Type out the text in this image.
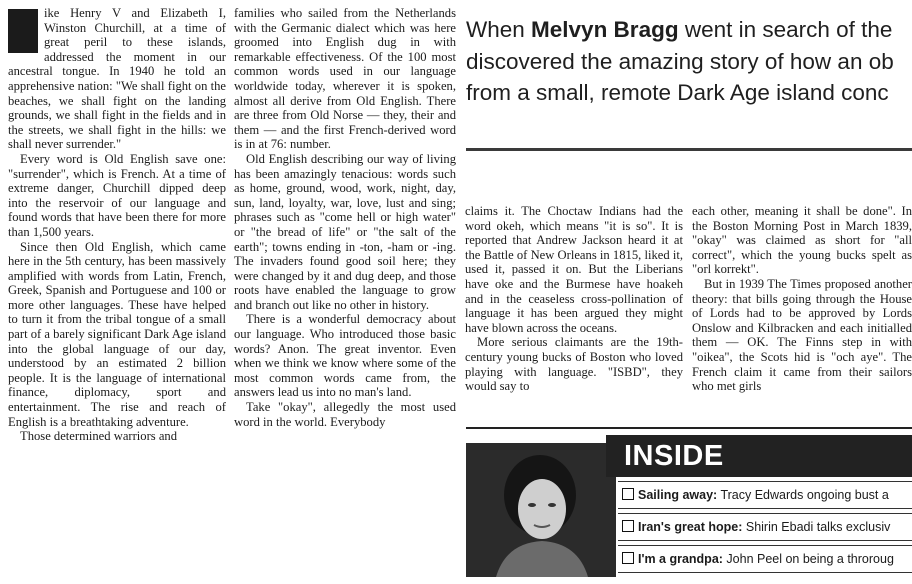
ike Henry V and Elizabeth I, Winston Churchill, at a time of great peril to these islands, addressed the moment in our ancestral tongue. In 1940 he told an apprehensive nation: "We shall fight on the beaches, we shall fight on the landing grounds, we shall fight in the fields and in the streets, we shall fight in the hills: we shall never surrender."

Every word is Old English save one: "surrender", which is French. At a time of extreme danger, Churchill dipped deep into the reservoir of our language and found words that have been there for more than 1,500 years.

Since then Old English, which came here in the 5th century, has been massively amplified with words from Latin, French, Greek, Spanish and Portuguese and 100 or more other languages. These have helped to turn it from the tribal tongue of a small part of a barely significant Dark Age island into the global language of our day, understood by an estimated 2 billion people. It is the language of international finance, diplomacy, sport and entertainment. The rise and reach of English is a breathtaking adventure.

Those determined warriors and

families who sailed from the Netherlands with the Germanic dialect which was here groomed into English dug in with remarkable effectiveness. Of the 100 most common words used in our language worldwide today, wherever it is spoken, almost all derive from Old English. There are three from Old Norse — they, their and them — and the first French-derived word is in at 76: number.

Old English describing our way of living has been amazingly tenacious: words such as home, ground, wood, work, night, day, sun, land, loyalty, war, love, lust and sing; phrases such as "come hell or high water" or "the bread of life" or "the salt of the earth"; towns ending in -ton, -ham or -ing. The invaders found good soil here; they were changed by it and dug deep, and those roots have enabled the language to grow and branch out like no other in history.

There is a wonderful democracy about our language. Who introduced those basic words? Anon. The great inventor. Even when we think we know where some of the most common words came from, the answers lead us into no man's land.

Take "okay", allegedly the most used word in the world. Everybody

When Melvyn Bragg went in search of the

discovered the amazing story of how an ob

from a small, remote Dark Age island conc

claims it. The Choctaw Indians had the word okeh, which means "it is so". It is reported that Andrew Jackson heard it at the Battle of New Orleans in 1815, liked it, used it, passed it on. But the Liberians have oke and the Burmese have hoakeh and in the ceaseless cross-pollination of language it has been argued they might have blown across the oceans.

More serious claimants are the 19th-century young bucks of Boston who loved playing with language. "ISBD", they would say to

each other, meaning it shall be done". In the Boston Morning Post in March 1839, "okay" was claimed as short for "all correct", which the young bucks spelt as "orl korrekt".

But in 1939 The Times proposed another theory: that bills going through the House of Lords had to be approved by Lords Onslow and Kilbracken and each initialled them — OK. The Finns step in with "oikea", the Scots hid is "och aye". The French claim it came from their sailors who met girls

INSIDE
Sailing away: Tracy Edwards ongoing bust a
Iran's great hope: Shirin Ebadi talks exclusiv
I'm a grandpa: John Peel on being a throroug
